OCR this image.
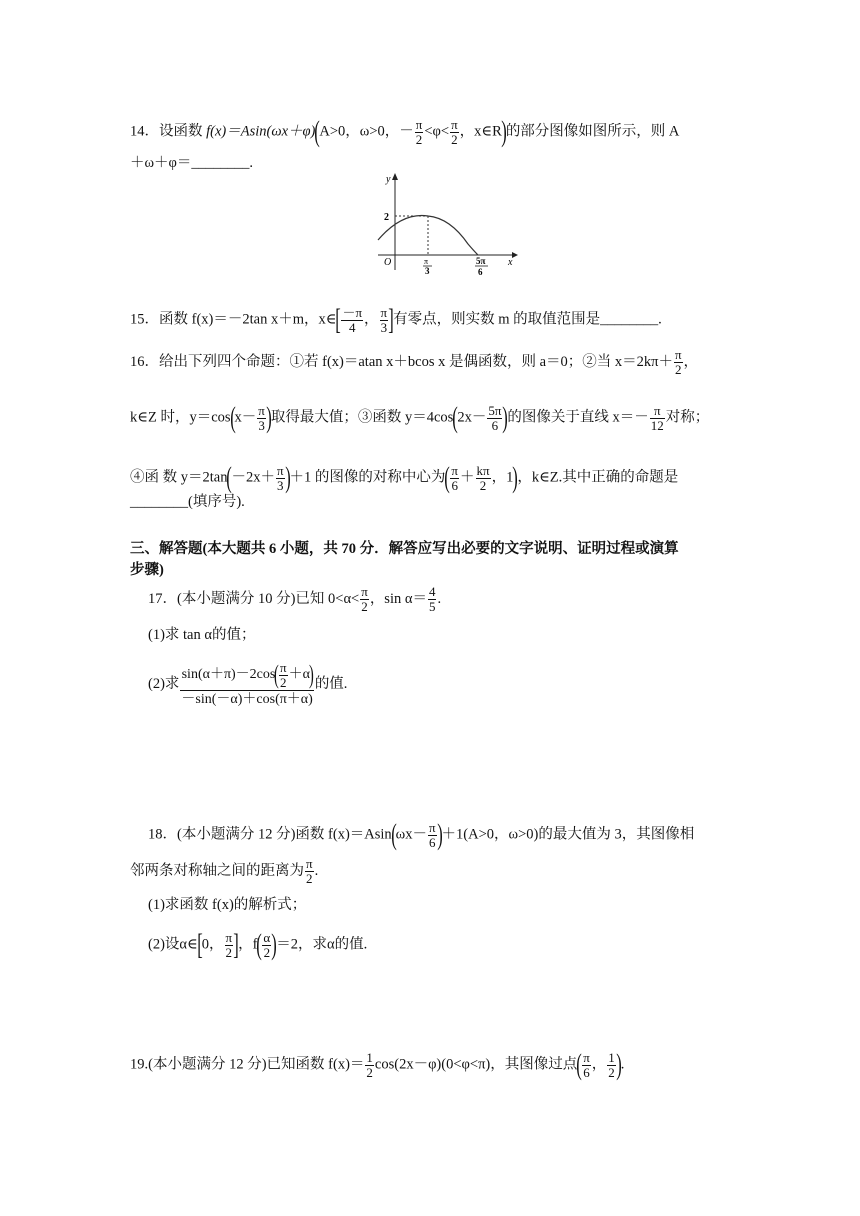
14．设函数 f(x)＝Asin(ωx＋φ)(A>0，ω>0，－ $\frac{\pi}{2} <\varphi< \frac{\pi}{2}$ ，x∈R)的部分图像如图所示，则 A
＋ω＋φ＝________.
y
x
O
2
π
3
5π
6
15．函数 f(x)＝－2tan x＋m，x∈[ $\frac{-\pi}{4}$ ， $\frac{\pi}{3}$ ]有零点，则实数 m 的取值范围是________.
16．给出下列四个命题：①若 f(x)＝atan x＋bcos x 是偶函数，则 a＝0；②当 $x=2k\pi+ \frac{\pi}{2}$ ，
k∈Z 时，$y=\cos(x- \frac{\pi}{3}$ )取得最大值；③函数 $y=4\cos(2x- \frac{5\pi}{6}$ )的图像关于直线 $x=- \frac{\pi}{12}$ 对称；
④函 数 $y=2\tan(-2x+ \frac{\pi}{3} )+1$ 的图像的对称中心为( $\frac{\pi}{6} + \frac{k\pi}{2}$ ，1)，k∈Z.其中正确的命题是
________(填序号).
三、解答题(本大题共 6 小题，共 70 分．解答应写出必要的文字说明、证明过程或演算
步骤)
17．(本小题满分 10 分)已知 $0<\alpha< \frac{\pi}{2}$ ，$\sin \alpha= \frac{4}{5}$ .
(1)求 tan α的值；
(2)求 $\frac{\sin(\alpha+\pi)-2\cos( \frac{\pi}{2} +\alpha)}{-\sin(-\alpha)+\cos(\pi+\alpha)}$ 的值.
18．(本小题满分 12 分)函数 $f(x)=Asin(\omega x- \frac{\pi}{6} )+1(A>0$，ω>0)的最大值为 3，其图像相
邻两条对称轴之间的距离为 $\frac{\pi}{2}$ .
(1)求函数 f(x)的解析式；
(2)设α∈[0， $\frac{\pi}{2}$ ]，$f( \frac{\alpha}{2} )=2$，求α的值.
19.(本小题满分 12 分)已知函数 $f(x)= \frac{1}{2} \cos(2x-\varphi)(0<\varphi<\pi)$，其图像过点( $\frac{\pi}{6}$ ， $\frac{1}{2}$ ).
